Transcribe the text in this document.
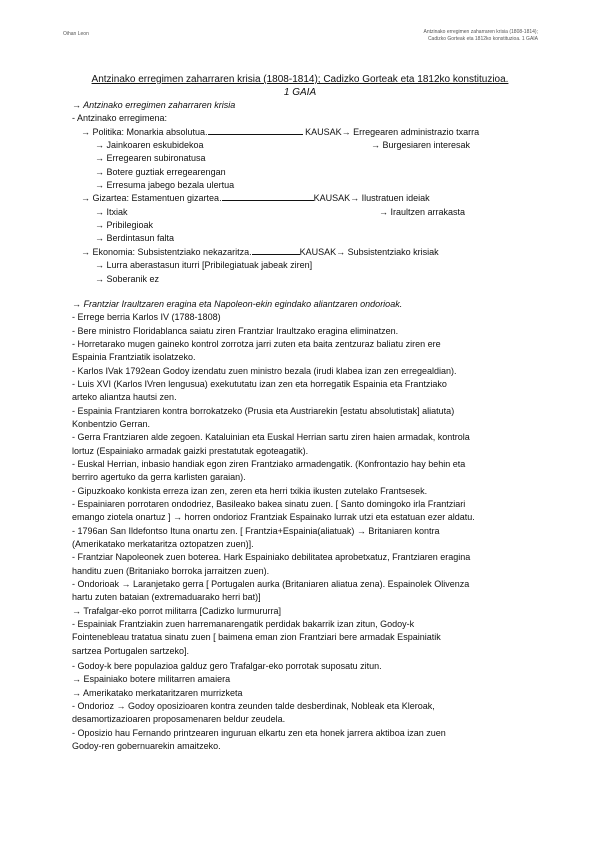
Oihan Leon	Antzinako erregimen zaharraren krisia (1808-1814);
Cadizko Gorteak eta 1812ko konstituzioa. 1 GAIA
Antzinako erregimen zaharraren krisia (1808-1814); Cadizko Gorteak eta 1812ko konstituzioa.
1 GAIA
→ Antzinako erregimen zaharraren krisia
- Antzinako erregimena:
→ Politika: Monarkia absolutua.	KAUSAK→ Erregearen administrazio txarra
→ Jainkoaren eskubidekoa	→ Burgesiaren interesak
→ Erregearen subironatusa
→ Botere guztiak erregearengan
→ Erresuma jabego bezala ulertua
→ Gizartea: Estamentuen gizartea.	KAUSAK→ Ilustratuen ideiak
→ Itxiak	→ Iraultzen arrakasta
→ Pribilegioak
→ Berdintasun falta
→ Ekonomia: Subsistentziako nekazaritza.	KAUSAK→ Subsistentziako krisiak
→ Lurra aberastasun iturri [Pribilegiatuak jabeak ziren]
→ Soberanik ez
→ Frantziar Iraultzaren eragina eta Napoleon-ekin egindako aliantzaren ondorioak.
- Errege berria Karlos IV (1788-1808)
- Bere ministro Floridablanca saiatu ziren Frantziar Iraultzako eragina eliminatzen.
- Horretarako mugen gaineko kontrol zorrotza jarri zuten eta baita zentzuraz baliatu ziren ere
Espainia Frantziatik isolatzeko.
- Karlos IVak 1792ean Godoy izendatu zuen ministro bezala (irudi klabea izan zen erregealdian).
- Luis XVI (Karlos IVren lengusua) exekututatu izan zen eta horregatik Espainia eta Frantziako
arteko aliantza hautsi zen.
- Espainia Frantziaren kontra borrokatzeko (Prusia eta Austriarekin [estatu absolutistak] aliatuta)
Konbentzio Gerran.
- Gerra Frantziaren alde zegoen. Kataluinian eta Euskal Herrian sartu ziren haien armadak, kontrola
lortuz (Espainiako armadak gaizki prestatutak egoteagatik).
- Euskal Herrian, inbasio handiak egon ziren Frantziako armadengatik. (Konfrontazio hay behin eta
berriro agertuko da gerra karlisten garaian).
- Gipuzkoako konkista erreza izan zen, zeren eta herri txikia ikusten zutelako Frantsesek.
- Espainiaren porrotaren ondodriez, Basileako bakea sinatu zuen. [ Santo domingoko irla Frantziari
emango ziotela onartuz ] → horren ondorioz Frantziak Espainako lurrak utzi eta estatuan ezer aldatu.
- 1796an San Ildefontso Ituna onartu zen. [ Frantzia+Espainia(aliatuak) → Britaniaren kontra
(Amerikatako merkataritza oztopatzen zuen)].
- Frantziar Napoleonek zuen boterea. Hark Espainiako debilitatea aprobetxatuz, Frantziaren eragina
handitu zuen (Britaniako borroka jarraitzen zuen).
- Ondorioak → Laranjetako gerra [ Portugalen aurka (Britaniaren aliatua zena). Espainolek Olivenza
hartu zuten bataian (extremaduarako herri bat)]
→ Trafalgar-eko porrot militarra [Cadizko lurmururra]
- Espainiak Frantziakin zuen harremanarengatik perdidak bakarrik izan zitun, Godoy-k
Fointenebleau tratatua sinatu zuen [ baimena eman zion Frantziari bere armadak Espainiatik
sartzea Portugalen sartzeko].
- Godoy-k bere populazioa galduz gero Trafalgar-eko porrotak suposatu zitun.
→ Espainiako botere militarren amaiera
→ Amerikatako merkataritzaren murrizketa
- Ondorioz → Godoy oposizioaren kontra zeunden talde desberdinak, Nobleak eta Kleroak,
desamortizazioaren proposamenaren beldur zeudela.
- Oposizio hau Fernando printzearen inguruan elkartu zen eta honek jarrera aktiboa izan zuen
Godoy-ren gobernuarekin amaitzeko.
